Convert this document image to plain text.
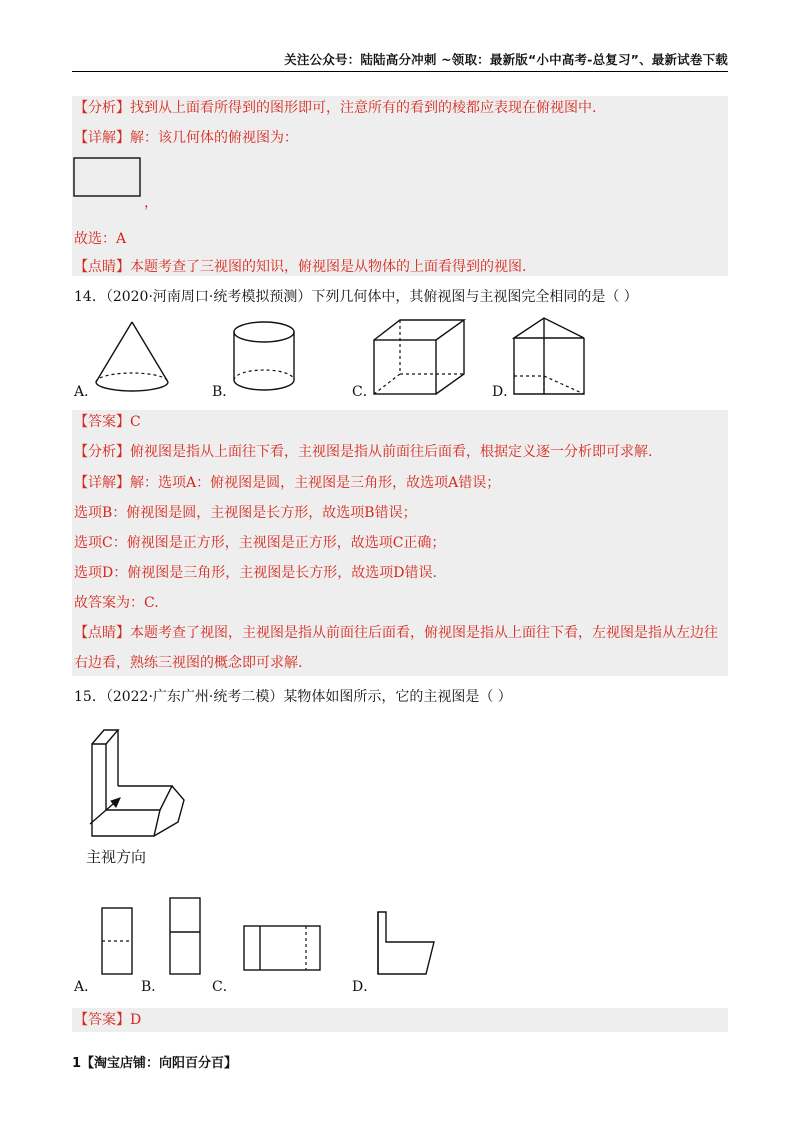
关注公众号：陆陆高分冲刺 ~领取：最新版“小中高考-总复习”、最新试卷下载
【分析】找到从上面看所得到的图形即可，注意所有的看到的棱都应表现在俯视图中.
【详解】解：该几何体的俯视图为：
，
故选：A
【点睛】本题考查了三视图的知识，俯视图是从物体的上面看得到的视图.
14．（2020·河南周口·统考模拟预测）下列几何体中，其俯视图与主视图完全相同的是（ ）
A．	B．	C．	D．
【答案】C
【分析】俯视图是指从上面往下看，主视图是指从前面往后面看，根据定义逐一分析即可求解.
【详解】解：选项A：俯视图是圆，主视图是三角形，故选项A错误；
选项B：俯视图是圆，主视图是长方形，故选项B错误；
选项C：俯视图是正方形，主视图是正方形，故选项C正确；
选项D：俯视图是三角形，主视图是长方形，故选项D错误.
故答案为：C.
【点睛】本题考查了视图，主视图是指从前面往后面看，俯视图是指从上面往下看，左视图是指从左边往
右边看，熟练三视图的概念即可求解.
15．（2022·广东广州·统考二模）某物体如图所示，它的主视图是（ ）
主视方向
A．	B．	C．	D．
【答案】D
1【淘宝店铺：向阳百分百】
